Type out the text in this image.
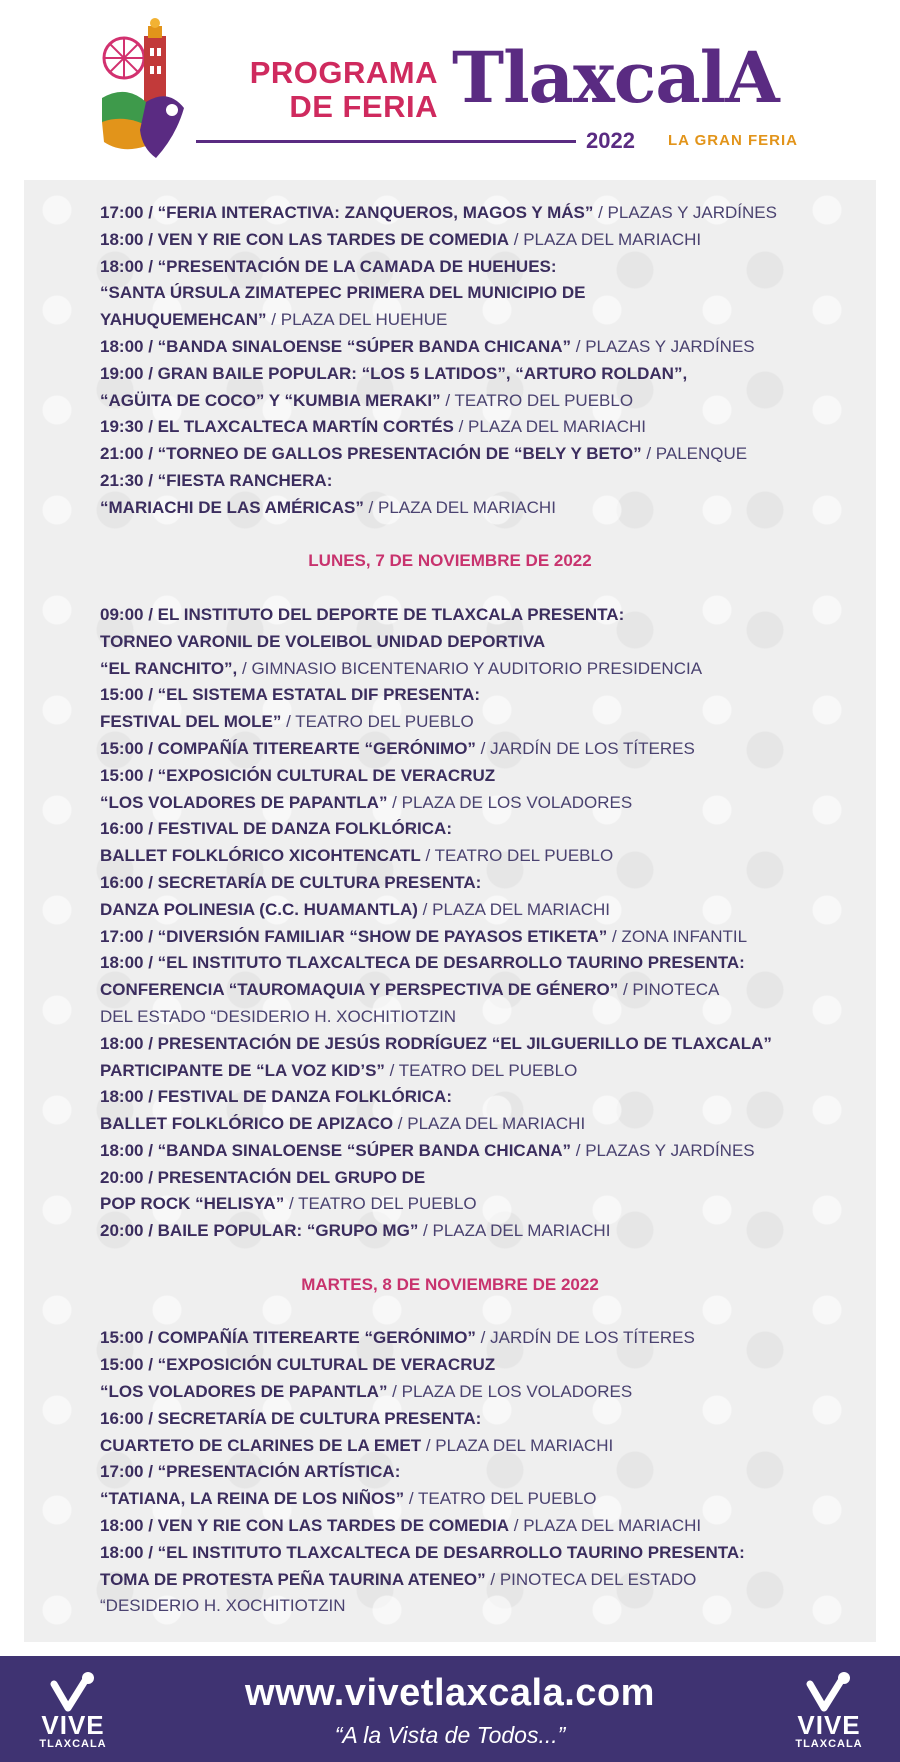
PROGRAMA
DE FERIA TlaxcalA
2022 LA GRAN FERIA
17:00 / “FERIA INTERACTIVA: ZANQUEROS, MAGOS Y MÁS” / PLAZAS Y JARDÍNES
18:00 / VEN Y RIE CON LAS TARDES DE COMEDIA / PLAZA DEL MARIACHI
18:00 / “PRESENTACIÓN DE LA CAMADA DE HUEHUES:
“SANTA ÚRSULA ZIMATEPEC PRIMERA DEL MUNICIPIO DE
YAHUQUEMEHCAN” / PLAZA DEL HUEHUE
18:00 / “BANDA SINALOENSE “SÚPER BANDA CHICANA” / PLAZAS Y JARDÍNES
19:00 / GRAN BAILE POPULAR: “LOS 5 LATIDOS”, “ARTURO ROLDAN”,
“AGÜITA DE COCO” Y “KUMBIA MERAKI” / TEATRO DEL PUEBLO
19:30 / EL TLAXCALTECA MARTÍN CORTÉS / PLAZA DEL MARIACHI
21:00 / “TORNEO DE GALLOS PRESENTACIÓN DE “BELY Y BETO” / PALENQUE
21:30 / “FIESTA RANCHERA:
“MARIACHI DE LAS AMÉRICAS” / PLAZA DEL MARIACHI
LUNES, 7 DE NOVIEMBRE DE 2022
09:00 / EL INSTITUTO DEL DEPORTE DE TLAXCALA PRESENTA:
TORNEO VARONIL DE VOLEIBOL UNIDAD DEPORTIVA
“EL RANCHITO”, / GIMNASIO BICENTENARIO Y AUDITORIO PRESIDENCIA
15:00 / “EL SISTEMA ESTATAL DIF PRESENTA:
FESTIVAL DEL MOLE” / TEATRO DEL PUEBLO
15:00 / COMPAÑÍA TITEREARTE “GERÓNIMO” / JARDÍN DE LOS TÍTERES
15:00 / “EXPOSICIÓN CULTURAL DE VERACRUZ
“LOS VOLADORES DE PAPANTLA” / PLAZA DE LOS VOLADORES
16:00 / FESTIVAL DE DANZA FOLKLÓRICA:
BALLET FOLKLÓRICO XICOHTENCATL / TEATRO DEL PUEBLO
16:00 / SECRETARÍA DE CULTURA PRESENTA:
DANZA POLINESIA (C.C. HUAMANTLA) / PLAZA DEL MARIACHI
17:00 / “DIVERSIÓN FAMILIAR “SHOW DE PAYASOS ETIKETA” / ZONA INFANTIL
18:00 / “EL INSTITUTO TLAXCALTECA DE DESARROLLO TAURINO PRESENTA:
CONFERENCIA “TAUROMAQUIA Y PERSPECTIVA DE GÉNERO” / PINOTECA
DEL ESTADO “DESIDERIO H. XOCHITIOTZIN
18:00 / PRESENTACIÓN DE JESÚS RODRÍGUEZ “EL JILGUERILLO DE TLAXCALA”
PARTICIPANTE DE “LA VOZ KID’S” / TEATRO DEL PUEBLO
18:00 / FESTIVAL DE DANZA FOLKLÓRICA:
BALLET FOLKLÓRICO DE APIZACO / PLAZA DEL MARIACHI
18:00 / “BANDA SINALOENSE “SÚPER BANDA CHICANA” / PLAZAS Y JARDÍNES
20:00 / PRESENTACIÓN DEL GRUPO DE
POP ROCK “HELISYA” / TEATRO DEL PUEBLO
20:00 / BAILE POPULAR: “GRUPO MG” / PLAZA DEL MARIACHI
MARTES, 8 DE NOVIEMBRE DE 2022
15:00 / COMPAÑÍA TITEREARTE “GERÓNIMO” / JARDÍN DE LOS TÍTERES
15:00 / “EXPOSICIÓN CULTURAL DE VERACRUZ
“LOS VOLADORES DE PAPANTLA” / PLAZA DE LOS VOLADORES
16:00 / SECRETARÍA DE CULTURA PRESENTA:
CUARTETO DE CLARINES DE LA EMET / PLAZA DEL MARIACHI
17:00 / “PRESENTACIÓN ARTÍSTICA:
“TATIANA, LA REINA DE LOS NIÑOS” / TEATRO DEL PUEBLO
18:00 / VEN Y RIE CON LAS TARDES DE COMEDIA / PLAZA DEL MARIACHI
18:00 / “EL INSTITUTO TLAXCALTECA DE DESARROLLO TAURINO PRESENTA:
TOMA DE PROTESTA PEÑA TAURINA ATENEO” / PINOTECA DEL ESTADO
“DESIDERIO H. XOCHITIOTZIN
VIVE
TLAXCALA
www.vivetlaxcala.com
“A la Vista de Todos...”	VIVE
TLAXCALA
